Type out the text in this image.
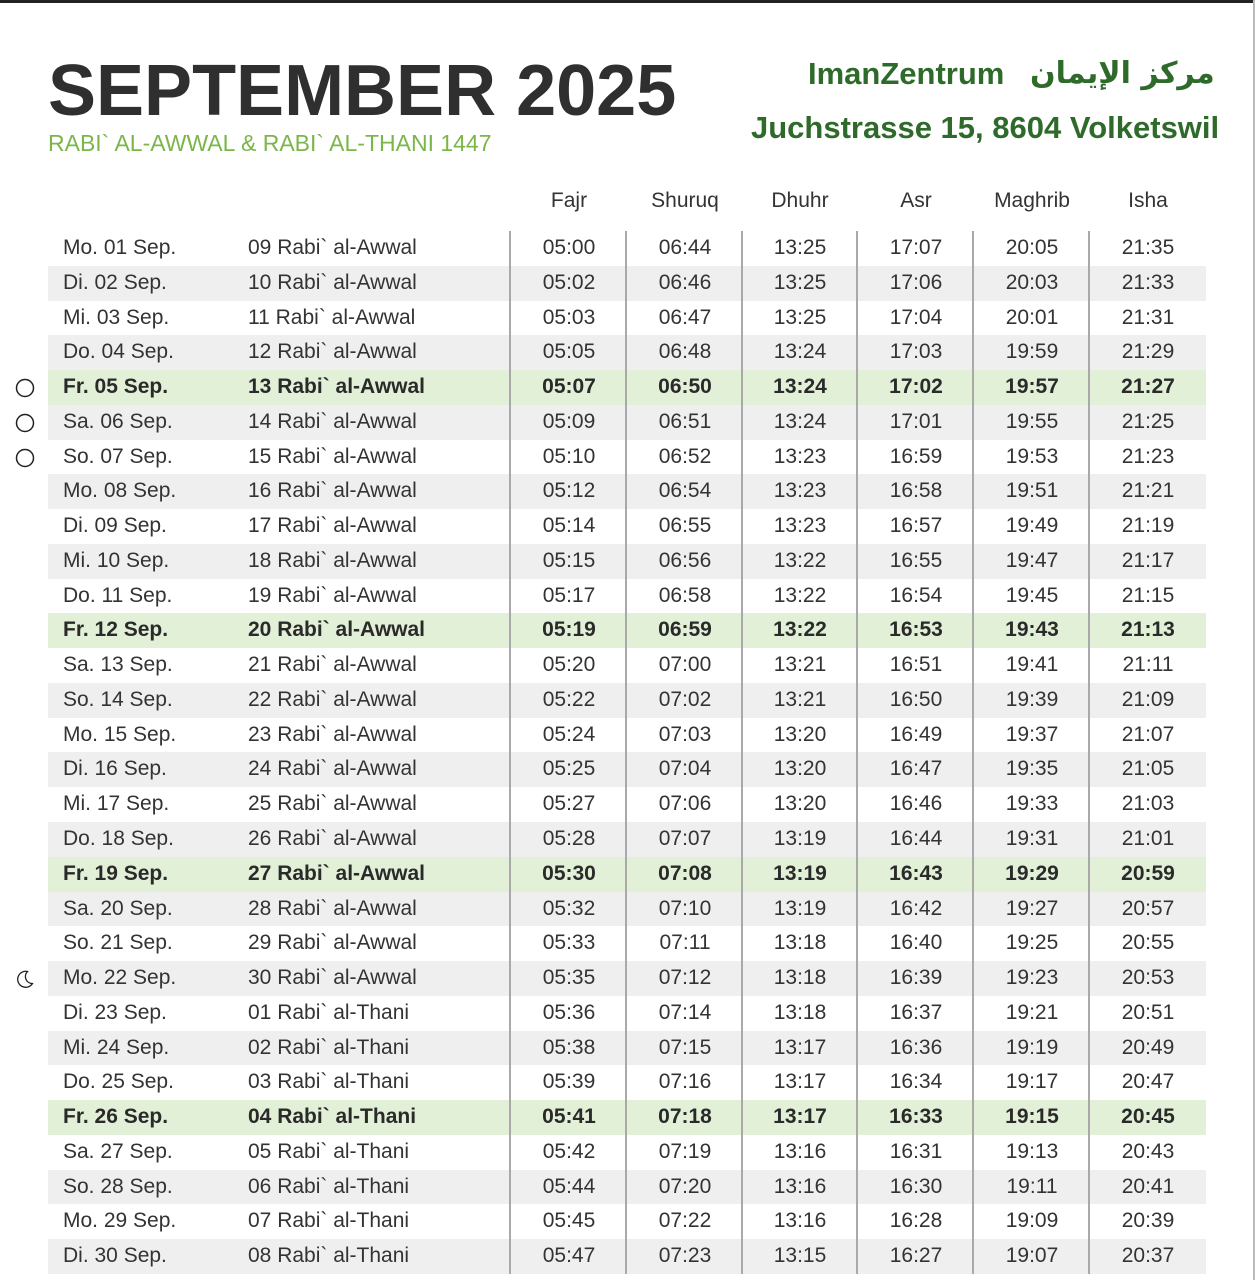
SEPTEMBER 2025
RABI` AL-AWWAL & RABI` AL-THANI 1447
ImanZentrum مركز الإيمان
Juchstrasse 15, 8604 Volketswil
Fajr	Shuruq	Dhuhr	Asr	Maghrib	Isha
Mo. 01 Sep.	09 Rabi` al-Awwal	05:00	06:44	13:25	17:07	20:05	21:35
Di. 02 Sep.	10 Rabi` al-Awwal	05:02	06:46	13:25	17:06	20:03	21:33
Mi. 03 Sep.	11 Rabi` al-Awwal	05:03	06:47	13:25	17:04	20:01	21:31
Do. 04 Sep.	12 Rabi` al-Awwal	05:05	06:48	13:24	17:03	19:59	21:29
Fr. 05 Sep.	13 Rabi` al-Awwal	05:07	06:50	13:24	17:02	19:57	21:27
Sa. 06 Sep.	14 Rabi` al-Awwal	05:09	06:51	13:24	17:01	19:55	21:25
So. 07 Sep.	15 Rabi` al-Awwal	05:10	06:52	13:23	16:59	19:53	21:23
Mo. 08 Sep.	16 Rabi` al-Awwal	05:12	06:54	13:23	16:58	19:51	21:21
Di. 09 Sep.	17 Rabi` al-Awwal	05:14	06:55	13:23	16:57	19:49	21:19
Mi. 10 Sep.	18 Rabi` al-Awwal	05:15	06:56	13:22	16:55	19:47	21:17
Do. 11 Sep.	19 Rabi` al-Awwal	05:17	06:58	13:22	16:54	19:45	21:15
Fr. 12 Sep.	20 Rabi` al-Awwal	05:19	06:59	13:22	16:53	19:43	21:13
Sa. 13 Sep.	21 Rabi` al-Awwal	05:20	07:00	13:21	16:51	19:41	21:11
So. 14 Sep.	22 Rabi` al-Awwal	05:22	07:02	13:21	16:50	19:39	21:09
Mo. 15 Sep.	23 Rabi` al-Awwal	05:24	07:03	13:20	16:49	19:37	21:07
Di. 16 Sep.	24 Rabi` al-Awwal	05:25	07:04	13:20	16:47	19:35	21:05
Mi. 17 Sep.	25 Rabi` al-Awwal	05:27	07:06	13:20	16:46	19:33	21:03
Do. 18 Sep.	26 Rabi` al-Awwal	05:28	07:07	13:19	16:44	19:31	21:01
Fr. 19 Sep.	27 Rabi` al-Awwal	05:30	07:08	13:19	16:43	19:29	20:59
Sa. 20 Sep.	28 Rabi` al-Awwal	05:32	07:10	13:19	16:42	19:27	20:57
So. 21 Sep.	29 Rabi` al-Awwal	05:33	07:11	13:18	16:40	19:25	20:55
Mo. 22 Sep.	30 Rabi` al-Awwal	05:35	07:12	13:18	16:39	19:23	20:53
Di. 23 Sep.	01 Rabi` al-Thani	05:36	07:14	13:18	16:37	19:21	20:51
Mi. 24 Sep.	02 Rabi` al-Thani	05:38	07:15	13:17	16:36	19:19	20:49
Do. 25 Sep.	03 Rabi` al-Thani	05:39	07:16	13:17	16:34	19:17	20:47
Fr. 26 Sep.	04 Rabi` al-Thani	05:41	07:18	13:17	16:33	19:15	20:45
Sa. 27 Sep.	05 Rabi` al-Thani	05:42	07:19	13:16	16:31	19:13	20:43
So. 28 Sep.	06 Rabi` al-Thani	05:44	07:20	13:16	16:30	19:11	20:41
Mo. 29 Sep.	07 Rabi` al-Thani	05:45	07:22	13:16	16:28	19:09	20:39
Di. 30 Sep.	08 Rabi` al-Thani	05:47	07:23	13:15	16:27	19:07	20:37
